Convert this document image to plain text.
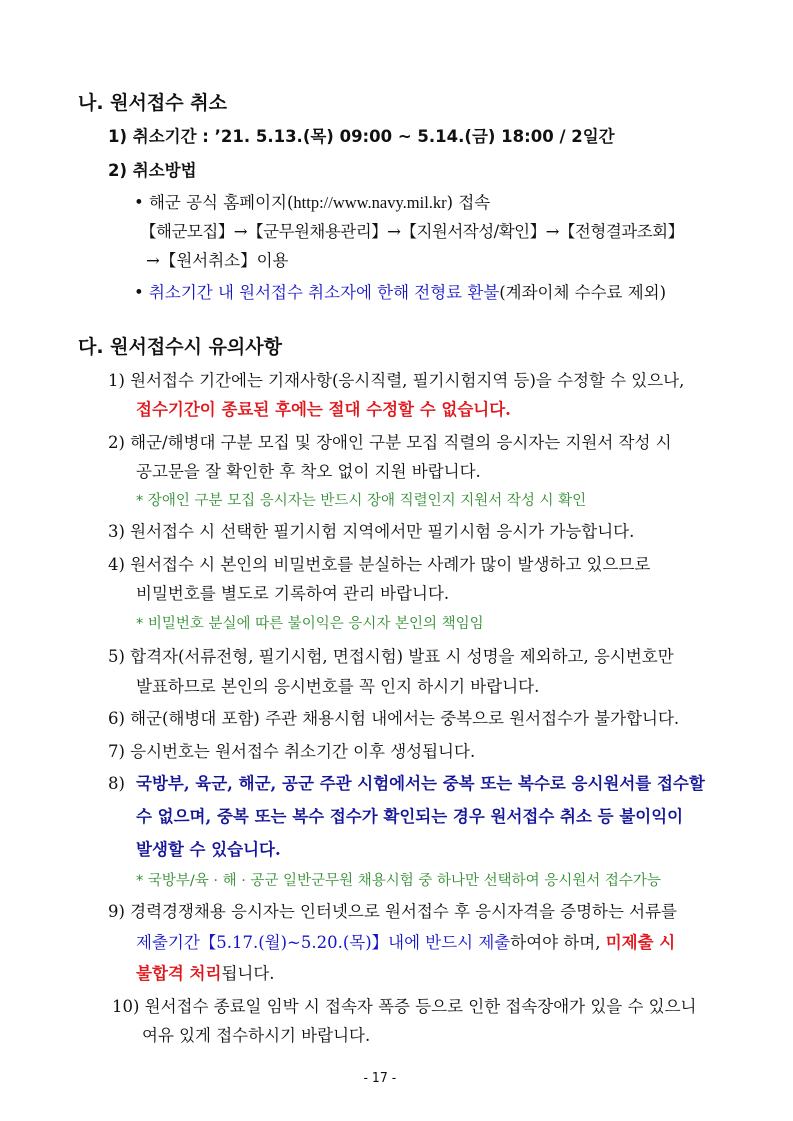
나. 원서접수 취소
1) 취소기간 : ’21. 5.13.(목) 09:00 ~ 5.14.(금) 18:00 / 2일간
2) 취소방법
• 해군 공식 홈페이지(http://www.navy.mil.kr) 접속
【해군모집】→【군무원채용관리】→【지원서작성/확인】→【전형결과조회】
→【원서취소】이용
• 취소기간 내 원서접수 취소자에 한해 전형료 환불(계좌이체 수수료 제외)
다. 원서접수시 유의사항
1) 원서접수 기간에는 기재사항(응시직렬, 필기시험지역 등)을 수정할 수 있으나,
접수기간이 종료된 후에는 절대 수정할 수 없습니다.
2) 해군/해병대 구분 모집 및 장애인 구분 모집 직렬의 응시자는 지원서 작성 시
공고문을 잘 확인한 후 착오 없이 지원 바랍니다.
* 장애인 구분 모집 응시자는 반드시 장애 직렬인지 지원서 작성 시 확인
3) 원서접수 시 선택한 필기시험 지역에서만 필기시험 응시가 가능합니다.
4) 원서접수 시 본인의 비밀번호를 분실하는 사례가 많이 발생하고 있으므로
비밀번호를 별도로 기록하여 관리 바랍니다.
* 비밀번호 분실에 따른 불이익은 응시자 본인의 책임임
5) 합격자(서류전형, 필기시험, 면접시험) 발표 시 성명을 제외하고, 응시번호만
발표하므로 본인의 응시번호를 꼭 인지 하시기 바랍니다.
6) 해군(해병대 포함) 주관 채용시험 내에서는 중복으로 원서접수가 불가합니다.
7) 응시번호는 원서접수 취소기간 이후 생성됩니다.
8) 국방부, 육군, 해군, 공군 주관 시험에서는 중복 또는 복수로 응시원서를 접수할
수 없으며, 중복 또는 복수 접수가 확인되는 경우 원서접수 취소 등 불이익이
발생할 수 있습니다.
* 국방부/육 · 해 · 공군 일반군무원 채용시험 중 하나만 선택하여 응시원서 접수가능
9) 경력경쟁채용 응시자는 인터넷으로 원서접수 후 응시자격을 증명하는 서류를
제출기간【5.17.(월)~5.20.(목)】내에 반드시 제출하여야 하며, 미제출 시
불합격 처리됩니다.
10) 원서접수 종료일 임박 시 접속자 폭증 등으로 인한 접속장애가 있을 수 있으니
여유 있게 접수하시기 바랍니다.
- 17 -
